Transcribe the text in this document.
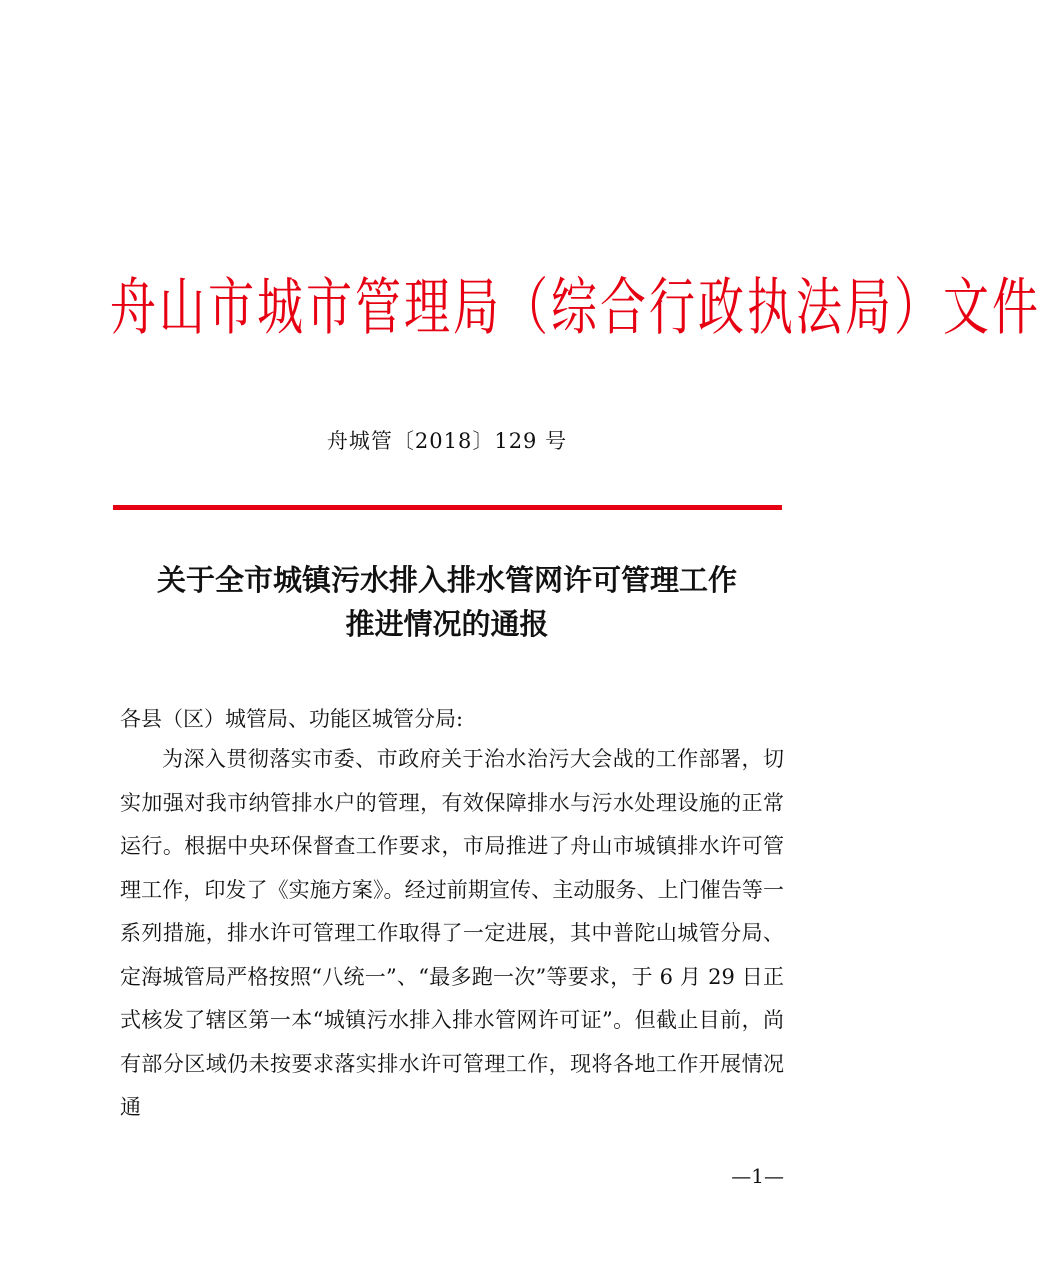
舟山市城市管理局（综合行政执法局）文件
舟城管〔2018〕129 号
关于全市城镇污水排入排水管网许可管理工作
推进情况的通报
各县（区）城管局、功能区城管分局:

为深入贯彻落实市委、市政府关于治水治污大会战的工作部署，切实加强对我市纳管排水户的管理，有效保障排水与污水处理设施的正常运行。根据中央环保督查工作要求，市局推进了舟山市城镇排水许可管理工作，印发了《实施方案》。经过前期宣传、主动服务、上门催告等一系列措施，排水许可管理工作取得了一定进展，其中普陀山城管分局、定海城管局严格按照“八统一”、“最多跑一次”等要求，于 6 月 29 日正式核发了辖区第一本“城镇污水排入排水管网许可证”。但截止目前，尚有部分区域仍未按要求落实排水许可管理工作，现将各地工作开展情况通

—1—
